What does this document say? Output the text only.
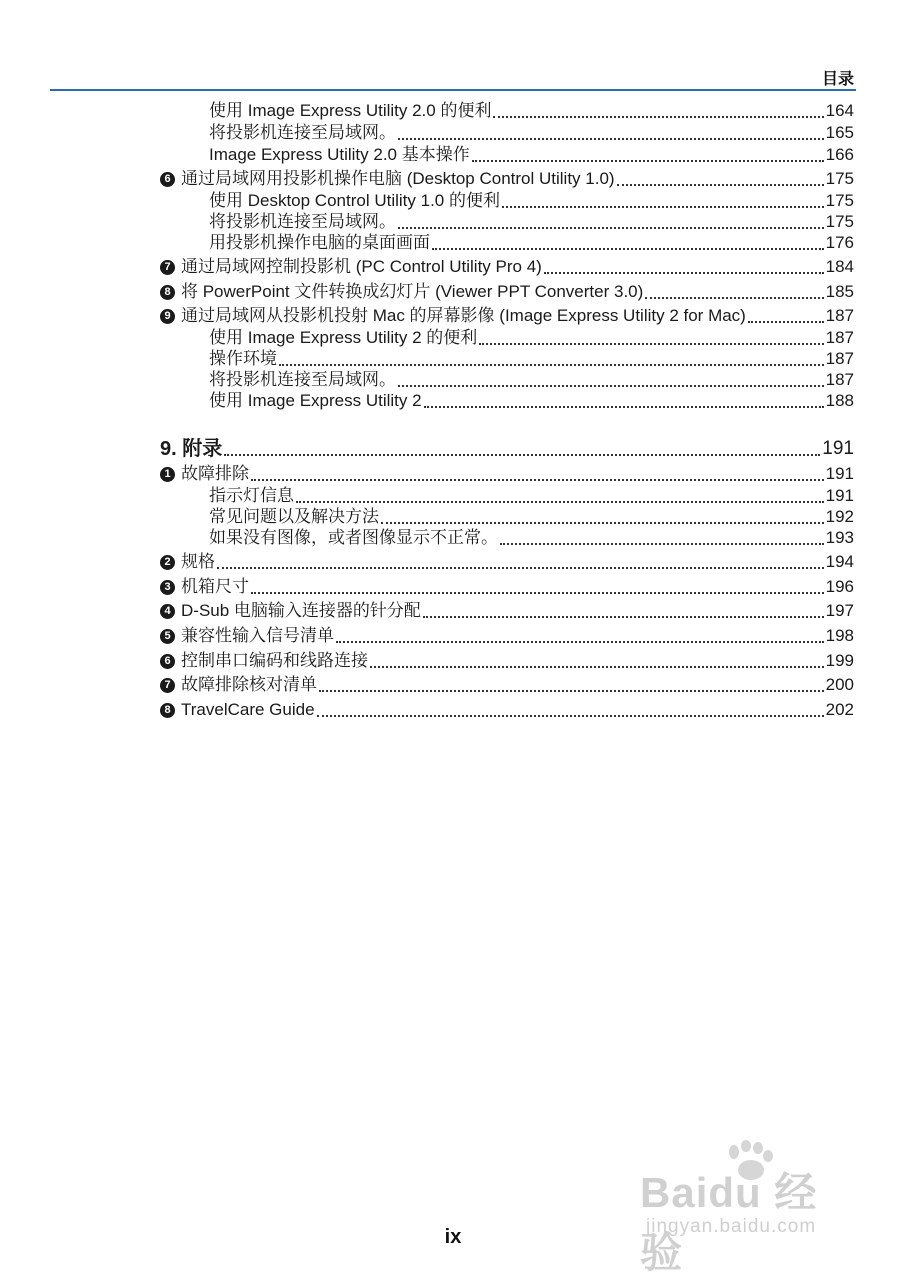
目录
使用 Image Express Utility 2.0 的便利	164
将投影机连接至局域网。	165
Image Express Utility 2.0 基本操作	166
6 通过局域网用投影机操作电脑 (Desktop Control Utility 1.0)	175
使用 Desktop Control Utility 1.0 的便利	175
将投影机连接至局域网。	175
用投影机操作电脑的桌面画面	176
7 通过局域网控制投影机 (PC Control Utility Pro 4)	184
8 将 PowerPoint 文件转换成幻灯片 (Viewer PPT Converter 3.0)	185
9 通过局域网从投影机投射 Mac 的屏幕影像 (Image Express Utility 2 for Mac)	187
使用 Image Express Utility 2 的便利	187
操作环境	187
将投影机连接至局域网。	187
使用 Image Express Utility 2	188
9. 附录	191
1 故障排除	191
指示灯信息	191
常见问题以及解决方法	192
如果没有图像，或者图像显示不正常。	193
2 规格	194
3 机箱尺寸	196
4 D-Sub 电脑输入连接器的针分配	197
5 兼容性输入信号清单	198
6 控制串口编码和线路连接	199
7 故障排除核对清单	200
8 TravelCare Guide	202
Baidu 经验
jingyan.baidu.com
ix
